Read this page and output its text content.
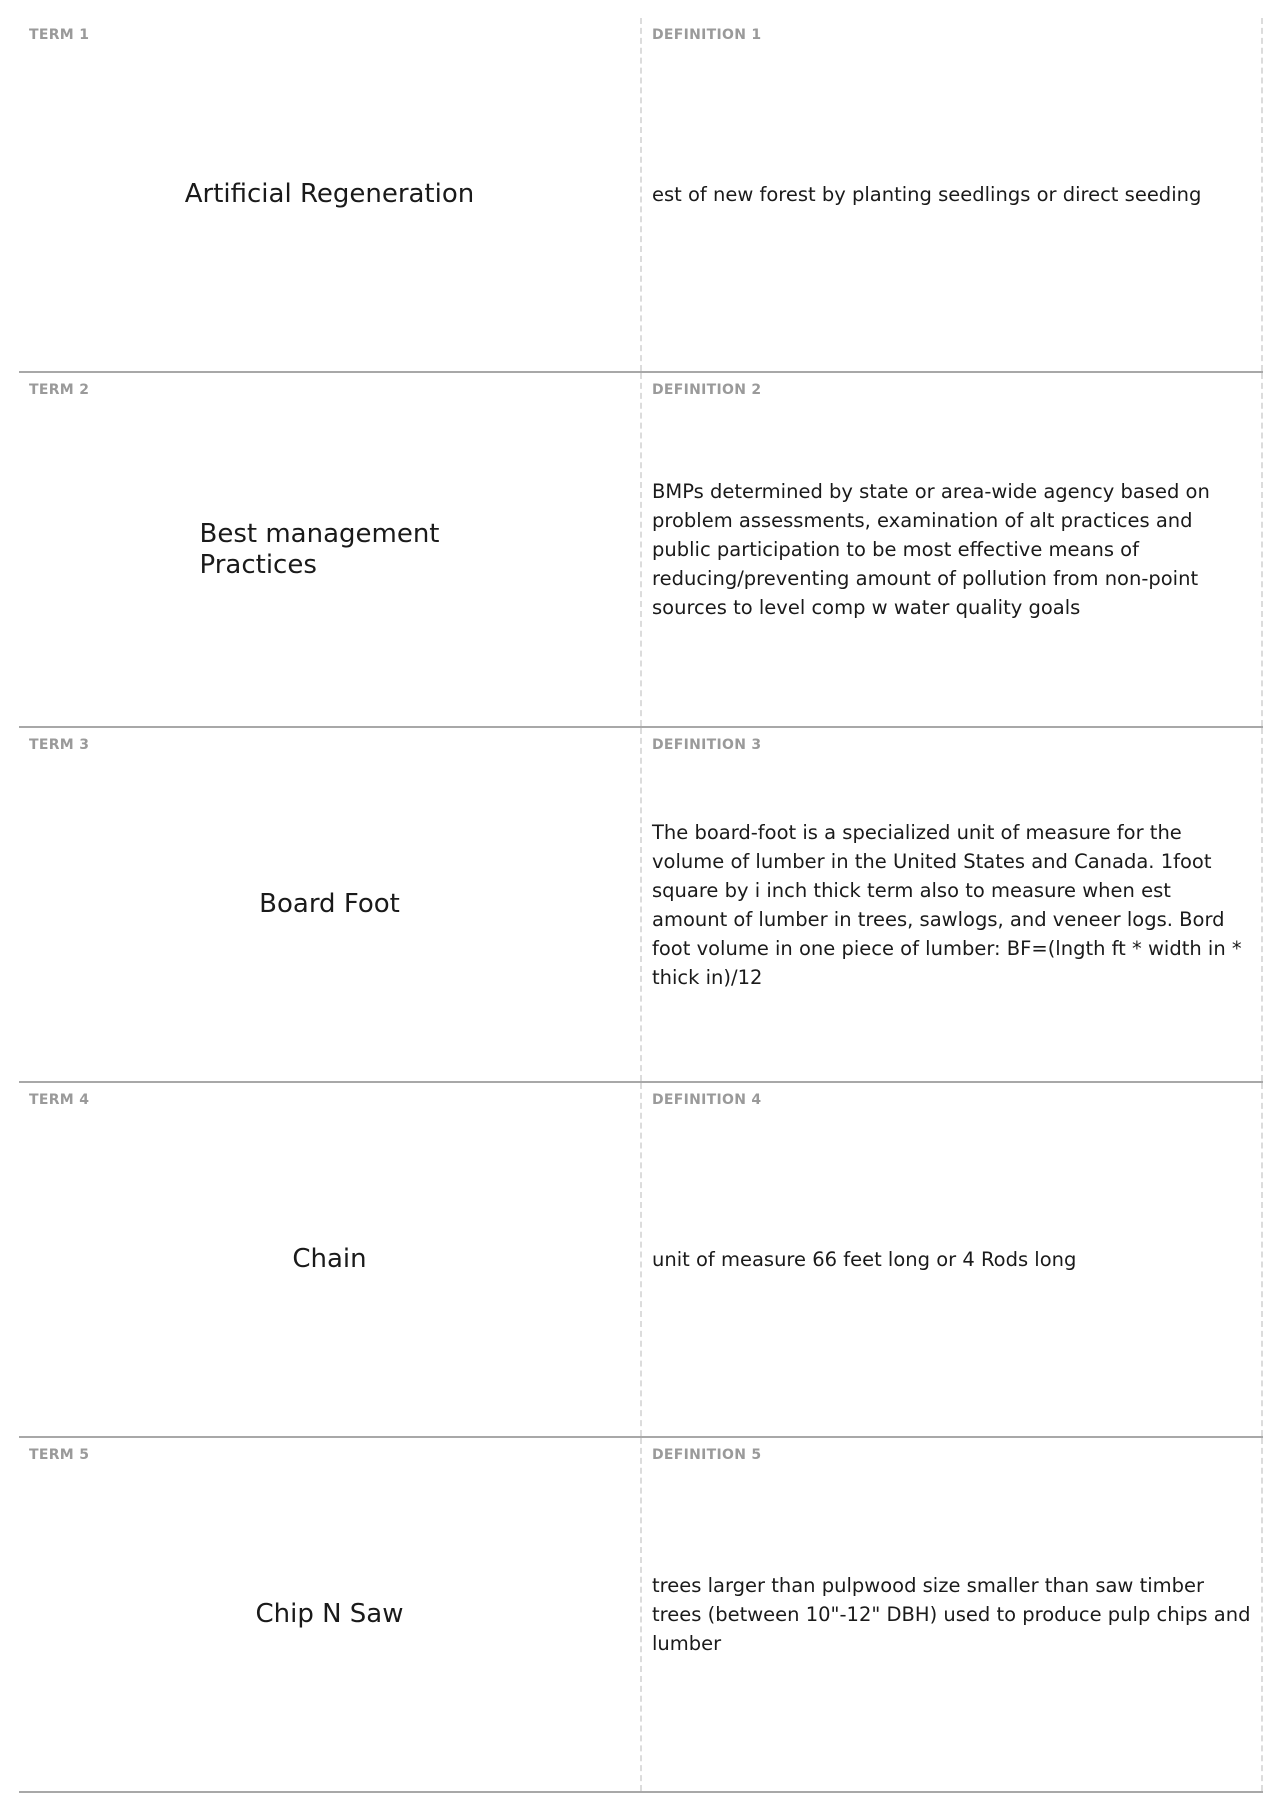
TERM 1
Artificial Regeneration
DEFINITION 1
est of new forest by planting seedlings or direct seeding
TERM 2
Best management Practices
DEFINITION 2
BMPs determined by state or area-wide agency based on problem assessments, examination of alt practices and public participation to be most effective means of reducing/preventing amount of pollution from non-point sources to level comp w water quality goals
TERM 3
Board Foot
DEFINITION 3
The board-foot is a specialized unit of measure for the volume of lumber in the United States and Canada. 1foot square by i inch thick term also to measure when est amount of lumber in trees, sawlogs, and veneer logs. Bord foot volume in one piece of lumber: BF=(lngth ft * width in * thick in)/12
TERM 4
Chain
DEFINITION 4
unit of measure 66 feet long or 4 Rods long
TERM 5
Chip N Saw
DEFINITION 5
trees larger than pulpwood size smaller than saw timber trees (between 10"-12" DBH) used to produce pulp chips and lumber
